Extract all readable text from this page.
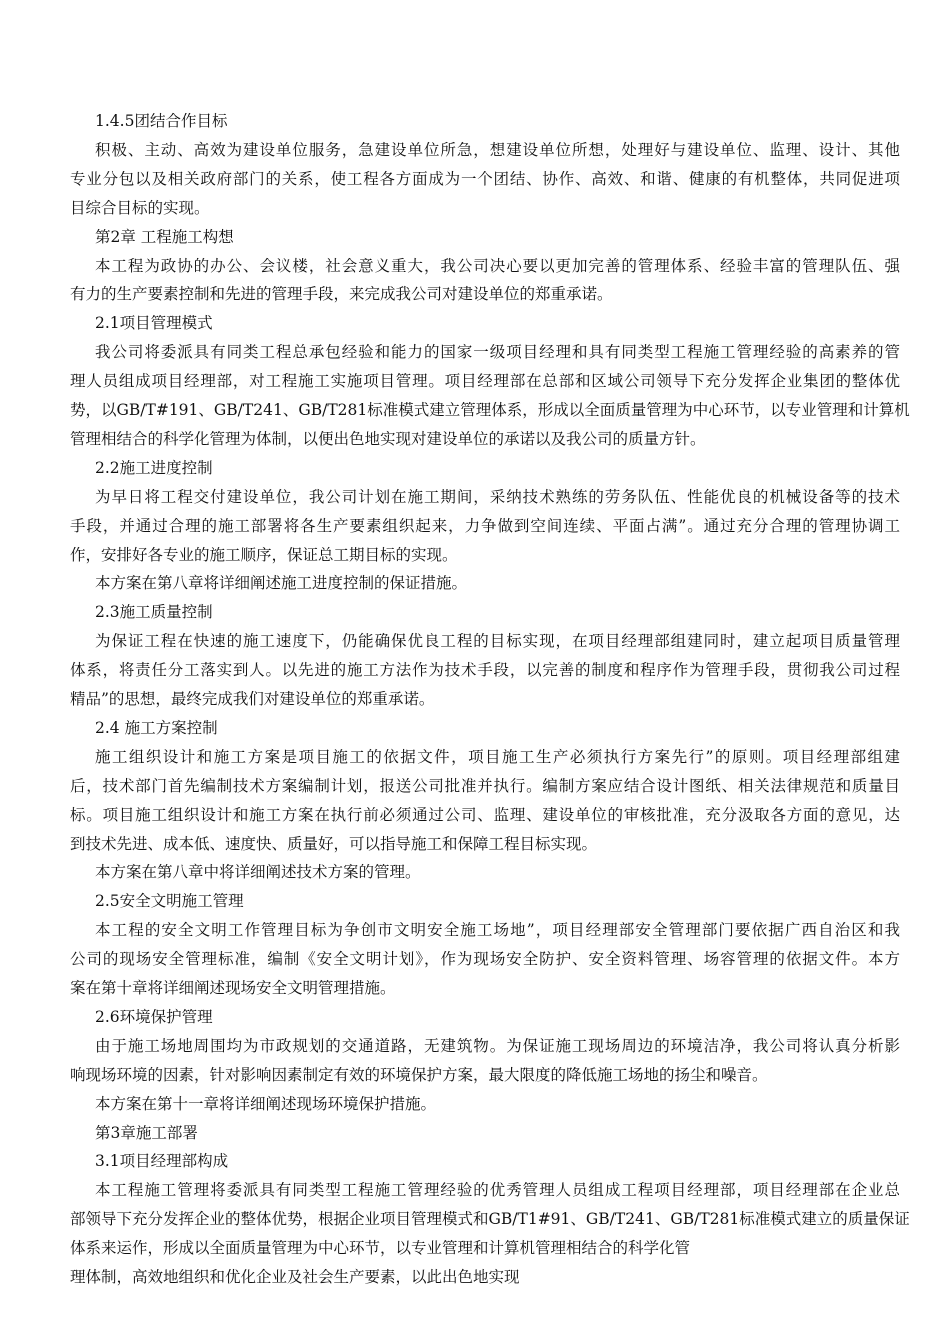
1.4.5团结合作目标
积极、主动、高效为建设单位服务，急建设单位所急，想建设单位所想，处理好与建设单位、监理、设计、其他
专业分包以及相关政府部门的关系，使工程各方面成为一个团结、协作、高效、和谐、健康的有机整体，共同促进项
目综合目标的实现。
第2章 工程施工构想
本工程为政协的办公、会议楼，社会意义重大，我公司决心要以更加完善的管理体系、经验丰富的管理队伍、强
有力的生产要素控制和先进的管理手段，来完成我公司对建设单位的郑重承诺。
2.1项目管理模式
我公司将委派具有同类工程总承包经验和能力的国家一级项目经理和具有同类型工程施工管理经验的高素养的管
理人员组成项目经理部，对工程施工实施项目管理。项目经理部在总部和区域公司领导下充分发挥企业集团的整体优
势，以GB/T#191、GB/T241、GB/T281标准模式建立管理体系，形成以全面质量管理为中心环节，以专业管理和计算机
管理相结合的科学化管理为体制，以便出色地实现对建设单位的承诺以及我公司的质量方针。
2.2施工进度控制
为早日将工程交付建设单位，我公司计划在施工期间，采纳技术熟练的劳务队伍、性能优良的机械设备等的技术
手段，并通过合理的施工部署将各生产要素组织起来，力争做到空间连续、平面占满”。通过充分合理的管理协调工
作，安排好各专业的施工顺序，保证总工期目标的实现。
本方案在第八章将详细阐述施工进度控制的保证措施。
2.3施工质量控制
为保证工程在快速的施工速度下，仍能确保优良工程的目标实现，在项目经理部组建同时，建立起项目质量管理
体系，将责任分工落实到人。以先进的施工方法作为技术手段，以完善的制度和程序作为管理手段，贯彻我公司过程
精品”的思想，最终完成我们对建设单位的郑重承诺。
2.4 施工方案控制
施工组织设计和施工方案是项目施工的依据文件，项目施工生产必须执行方案先行”的原则。项目经理部组建
后，技术部门首先编制技术方案编制计划，报送公司批准并执行。编制方案应结合设计图纸、相关法律规范和质量目
标。项目施工组织设计和施工方案在执行前必须通过公司、监理、建设单位的审核批准，充分汲取各方面的意见，达
到技术先进、成本低、速度快、质量好，可以指导施工和保障工程目标实现。
本方案在第八章中将详细阐述技术方案的管理。
2.5安全文明施工管理
本工程的安全文明工作管理目标为争创市文明安全施工场地”，项目经理部安全管理部门要依据广西自治区和我
公司的现场安全管理标准，编制《安全文明计划》，作为现场安全防护、安全资料管理、场容管理的依据文件。本方
案在第十章将详细阐述现场安全文明管理措施。
2.6环境保护管理
由于施工场地周围均为市政规划的交通道路，无建筑物。为保证施工现场周边的环境洁净，我公司将认真分析影
响现场环境的因素，针对影响因素制定有效的环境保护方案，最大限度的降低施工场地的扬尘和噪音。
本方案在第十一章将详细阐述现场环境保护措施。
第3章施工部署
3.1项目经理部构成
本工程施工管理将委派具有同类型工程施工管理经验的优秀管理人员组成工程项目经理部，项目经理部在企业总
部领导下充分发挥企业的整体优势，根据企业项目管理模式和GB/T1#91、GB/T241、GB/T281标准模式建立的质量保证
体系来运作，形成以全面质量管理为中心环节，以专业管理和计算机管理相结合的科学化管
理体制，高效地组织和优化企业及社会生产要素，以此出色地实现
